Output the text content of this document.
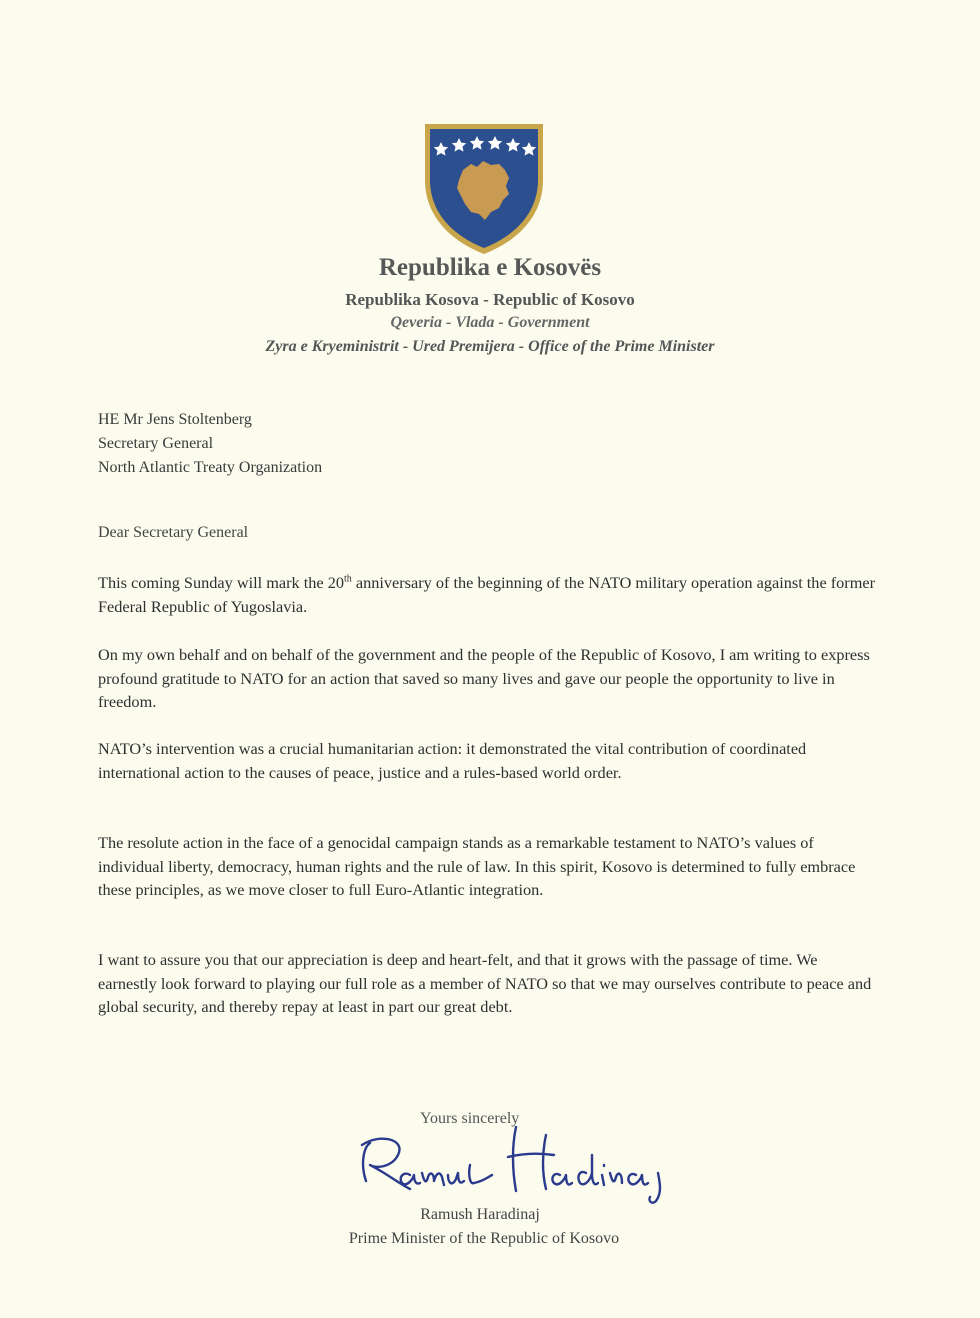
Republika e Kosovës
Republika Kosova - Republic of Kosovo
Qeveria - Vlada - Government
Zyra e Kryeministrit - Ured Premijera - Office of the Prime Minister
HE Mr Jens Stoltenberg
Secretary General
North Atlantic Treaty Organization
Dear Secretary General
This coming Sunday will mark the 20th anniversary of the beginning of the NATO military operation against the former Federal Republic of Yugoslavia.
On my own behalf and on behalf of the government and the people of the Republic of Kosovo, I am writing to express profound gratitude to NATO for an action that saved so many lives and gave our people the opportunity to live in freedom.
NATO’s intervention was a crucial humanitarian action: it demonstrated the vital contribution of coordinated international action to the causes of peace, justice and a rules-based world order.
The resolute action in the face of a genocidal campaign stands as a remarkable testament to NATO’s values of individual liberty, democracy, human rights and the rule of law. In this spirit, Kosovo is determined to fully embrace these principles, as we move closer to full Euro-Atlantic integration.
I want to assure you that our appreciation is deep and heart-felt, and that it grows with the passage of time. We earnestly look forward to playing our full role as a member of NATO so that we may ourselves contribute to peace and global security, and thereby repay at least in part our great debt.
Yours sincerely
Ramush Haradinaj
Prime Minister of the Republic of Kosovo
